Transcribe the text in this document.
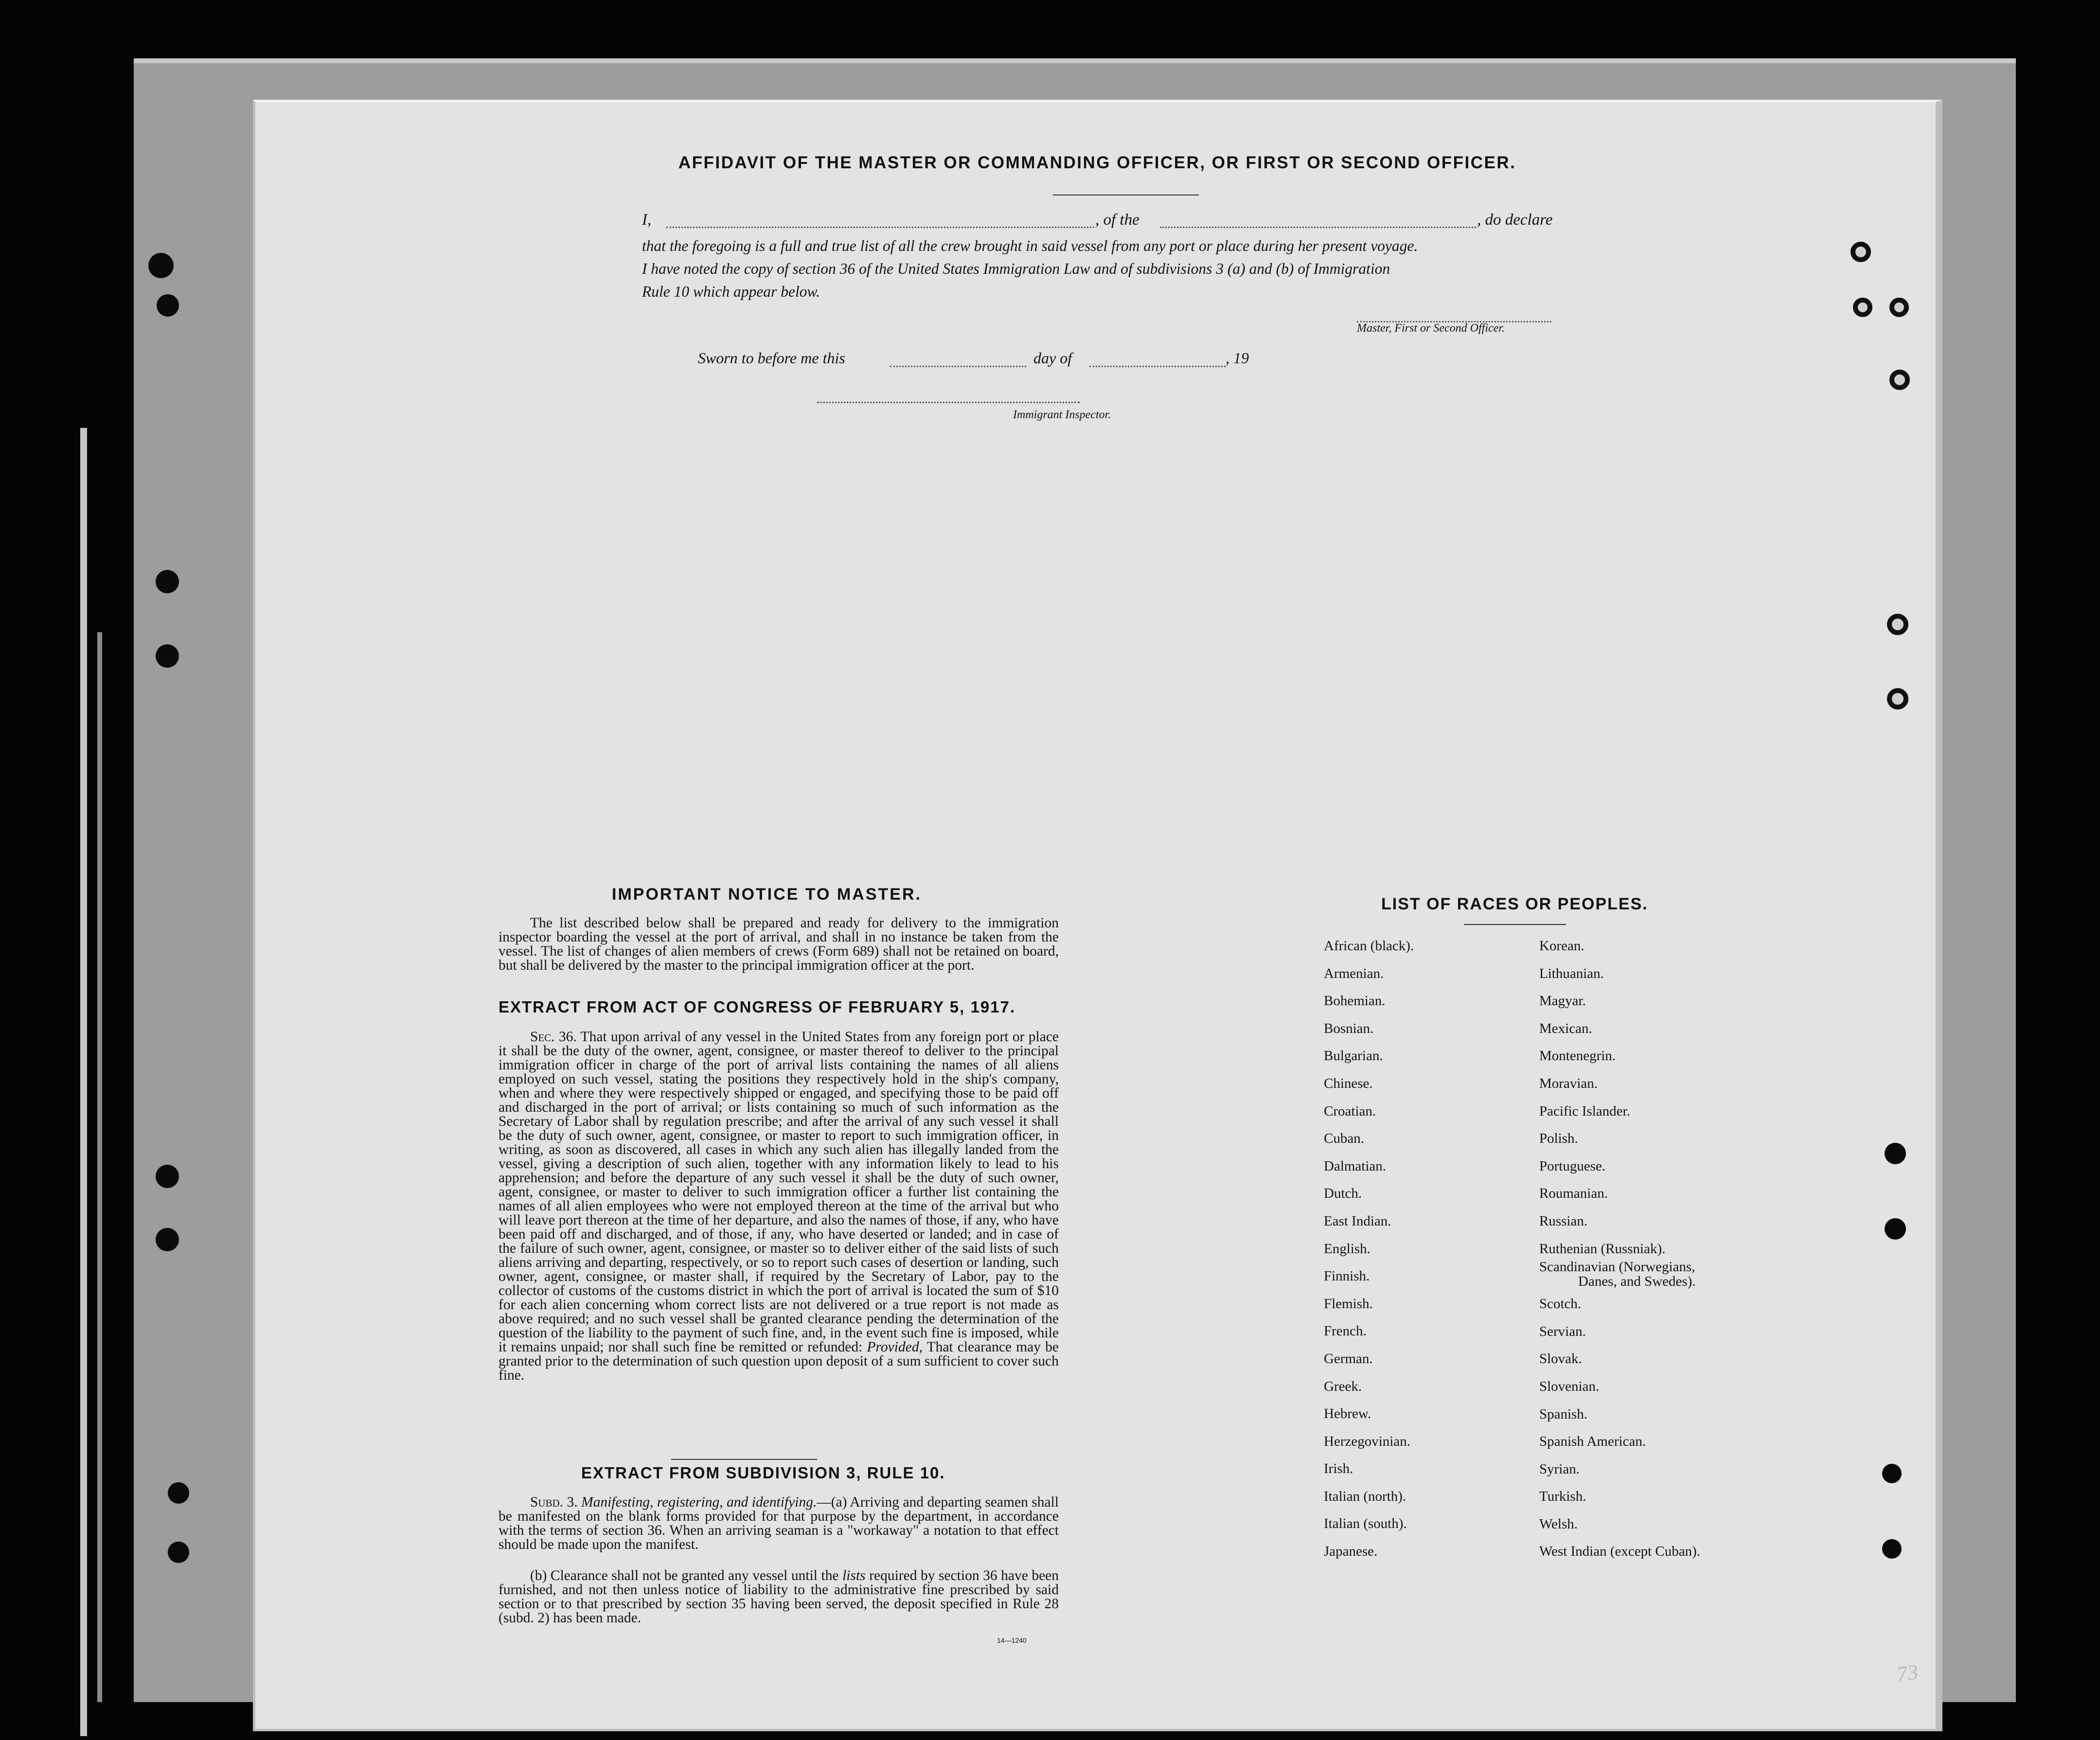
AFFIDAVIT OF THE MASTER OR COMMANDING OFFICER, OR FIRST OR SECOND OFFICER.
I,	, of the	, do declare
that the foregoing is a full and true list of all the crew brought in said vessel from any port or place during her present voyage.
I have noted the copy of section 36 of the United States Immigration Law and of subdivisions 3 (a) and (b) of Immigration
Rule 10 which appear below.
Master, First or Second Officer.
Sworn to before me this	day of	, 19
Immigrant Inspector.
IMPORTANT NOTICE TO MASTER.

The list described below shall be prepared and ready for delivery to the immigration inspector boarding the vessel at the port of arrival, and shall in no instance be taken from the vessel. The list of changes of alien members of crews (Form 689) shall not be retained on board, but shall be delivered by the master to the principal immigration officer at the port.

EXTRACT FROM ACT OF CONGRESS OF FEBRUARY 5, 1917.

Sec. 36. That upon arrival of any vessel in the United States from any foreign port or place it shall be the duty of the owner, agent, consignee, or master thereof to deliver to the principal immigration officer in charge of the port of arrival lists containing the names of all aliens employed on such vessel, stating the positions they respectively hold in the ship's company, when and where they were respectively shipped or engaged, and specifying those to be paid off and discharged in the port of arrival; or lists containing so much of such information as the Secretary of Labor shall by regulation prescribe; and after the arrival of any such vessel it shall be the duty of such owner, agent, consignee, or master to report to such immigration officer, in writing, as soon as discovered, all cases in which any such alien has illegally landed from the vessel, giving a description of such alien, together with any information likely to lead to his apprehension; and before the departure of any such vessel it shall be the duty of such owner, agent, consignee, or master to deliver to such immigration officer a further list containing the names of all alien employees who were not employed thereon at the time of the arrival but who will leave port thereon at the time of her departure, and also the names of those, if any, who have been paid off and discharged, and of those, if any, who have deserted or landed; and in case of the failure of such owner, agent, consignee, or master so to deliver either of the said lists of such aliens arriving and departing, respectively, or so to report such cases of desertion or landing, such owner, agent, consignee, or master shall, if required by the Secretary of Labor, pay to the collector of customs of the customs district in which the port of arrival is located the sum of $10 for each alien concerning whom correct lists are not delivered or a true report is not made as above required; and no such vessel shall be granted clearance pending the determination of the question of the liability to the payment of such fine, and, in the event such fine is imposed, while it remains unpaid; nor shall such fine be remitted or refunded: Provided, That clearance may be granted prior to the determination of such question upon deposit of a sum sufficient to cover such fine.

EXTRACT FROM SUBDIVISION 3, RULE 10.

Subd. 3. Manifesting, registering, and identifying.—(a) Arriving and departing seamen shall be manifested on the blank forms provided for that purpose by the department, in accordance with the terms of section 36. When an arriving seaman is a "workaway" a notation to that effect should be made upon the manifest.

(b) Clearance shall not be granted any vessel until the lists required by section 36 have been furnished, and not then unless notice of liability to the administrative fine prescribed by said section or to that prescribed by section 35 having been served, the deposit specified in Rule 28 (subd. 2) has been made.

14—1240
LIST OF RACES OR PEOPLES.
African (black).
Armenian.
Bohemian.
Bosnian.
Bulgarian.
Chinese.
Croatian.
Cuban.
Dalmatian.
Dutch.
East Indian.
English.
Finnish.
Flemish.
French.
German.
Greek.
Hebrew.
Herzegovinian.
Irish.
Italian (north).
Italian (south).
Japanese.
Korean.
Lithuanian.
Magyar.
Mexican.
Montenegrin.
Moravian.
Pacific Islander.
Polish.
Portuguese.
Roumanian.
Russian.
Ruthenian (Russniak).
Scandinavian (Norwegians,
Danes, and Swedes).
Scotch.
Servian.
Slovak.
Slovenian.
Spanish.
Spanish American.
Syrian.
Turkish.
Welsh.
West Indian (except Cuban).
73
